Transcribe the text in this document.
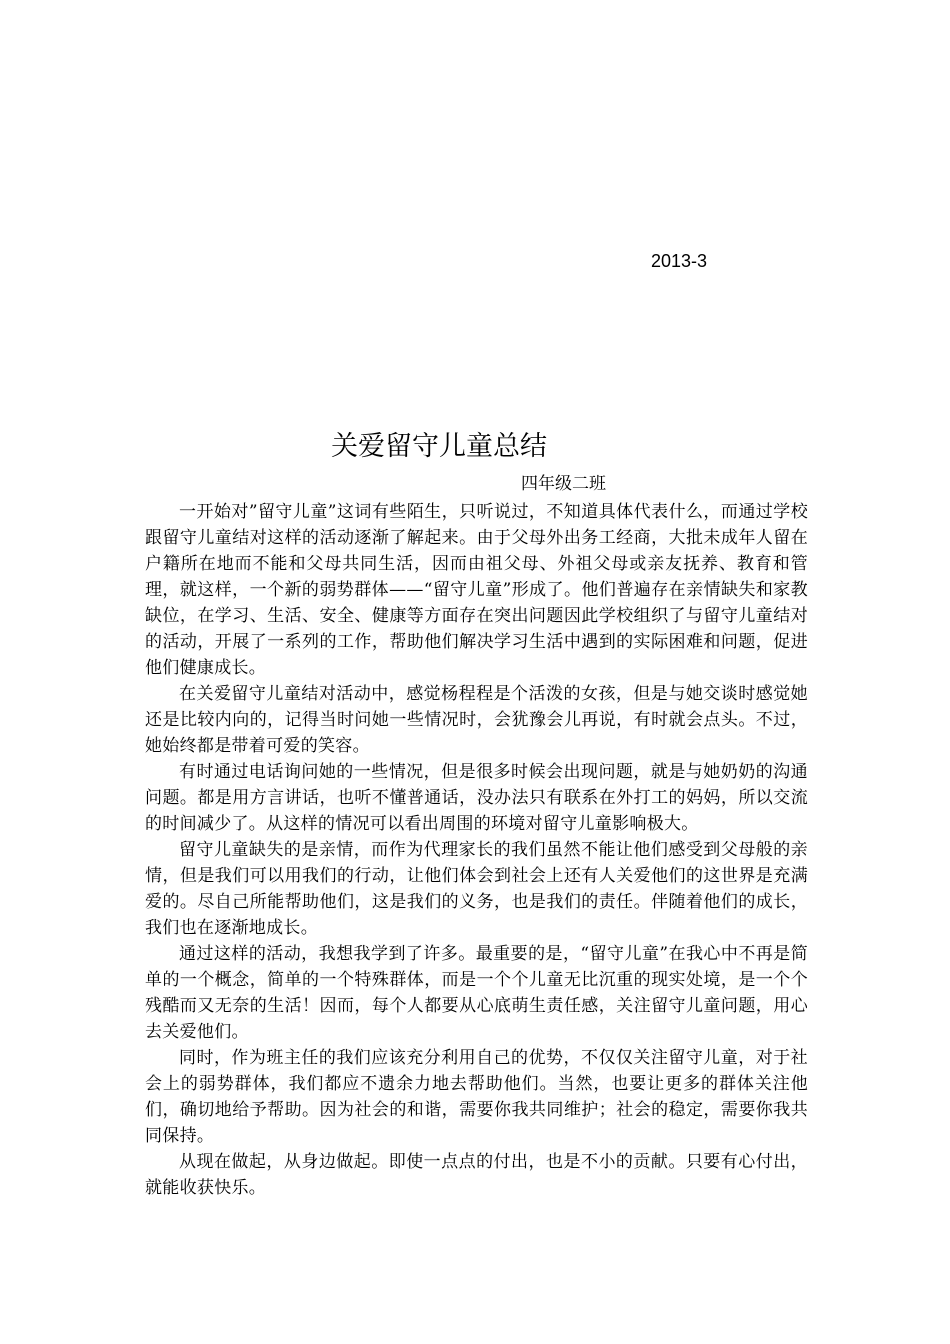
2013-3
关爱留守儿童总结
四年级二班

一开始对”留守儿童”这词有些陌生，只听说过，不知道具体代表什么，而通过学校跟留守儿童结对这样的活动逐渐了解起来。由于父母外出务工经商，大批未成年人留在户籍所在地而不能和父母共同生活，因而由祖父母、外祖父母或亲友抚养、教育和管理，就这样，一个新的弱势群体——“留守儿童”形成了。他们普遍存在亲情缺失和家教缺位，在学习、生活、安全、健康等方面存在突出问题因此学校组织了与留守儿童结对的活动，开展了一系列的工作，帮助他们解决学习生活中遇到的实际困难和问题，促进他们健康成长。

在关爱留守儿童结对活动中，感觉杨程程是个活泼的女孩，但是与她交谈时感觉她还是比较内向的，记得当时问她一些情况时，会犹豫会儿再说，有时就会点头。不过，她始终都是带着可爱的笑容。

有时通过电话询问她的一些情况，但是很多时候会出现问题，就是与她奶奶的沟通问题。都是用方言讲话，也听不懂普通话，没办法只有联系在外打工的妈妈，所以交流的时间减少了。从这样的情况可以看出周围的环境对留守儿童影响极大。

留守儿童缺失的是亲情，而作为代理家长的我们虽然不能让他们感受到父母般的亲情，但是我们可以用我们的行动，让他们体会到社会上还有人关爱他们的这世界是充满爱的。尽自己所能帮助他们，这是我们的义务，也是我们的责任。伴随着他们的成长，我们也在逐渐地成长。

通过这样的活动，我想我学到了许多。最重要的是，“留守儿童”在我心中不再是简单的一个概念，简单的一个特殊群体，而是一个个儿童无比沉重的现实处境，是一个个残酷而又无奈的生活！因而，每个人都要从心底萌生责任感，关注留守儿童问题，用心去关爱他们。

同时，作为班主任的我们应该充分利用自己的优势，不仅仅关注留守儿童，对于社会上的弱势群体，我们都应不遗余力地去帮助他们。当然，也要让更多的群体关注他们，确切地给予帮助。因为社会的和谐，需要你我共同维护；社会的稳定，需要你我共同保持。

从现在做起，从身边做起。即使一点点的付出，也是不小的贡献。只要有心付出，就能收获快乐。
